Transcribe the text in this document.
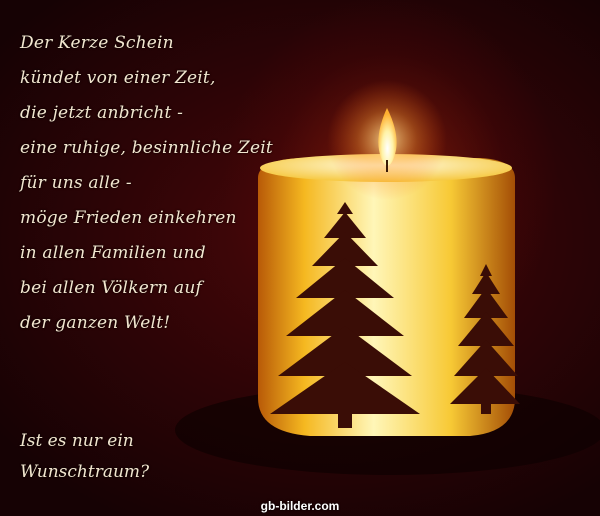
Der Kerze Schein
kündet von einer Zeit,
die jetzt anbricht -
eine ruhige, besinnliche Zeit
für uns alle -
möge Frieden einkehren
in allen Familien und
bei allen Völkern auf
der ganzen Welt!
Ist es nur ein
Wunschtraum?
gb-bilder.com
